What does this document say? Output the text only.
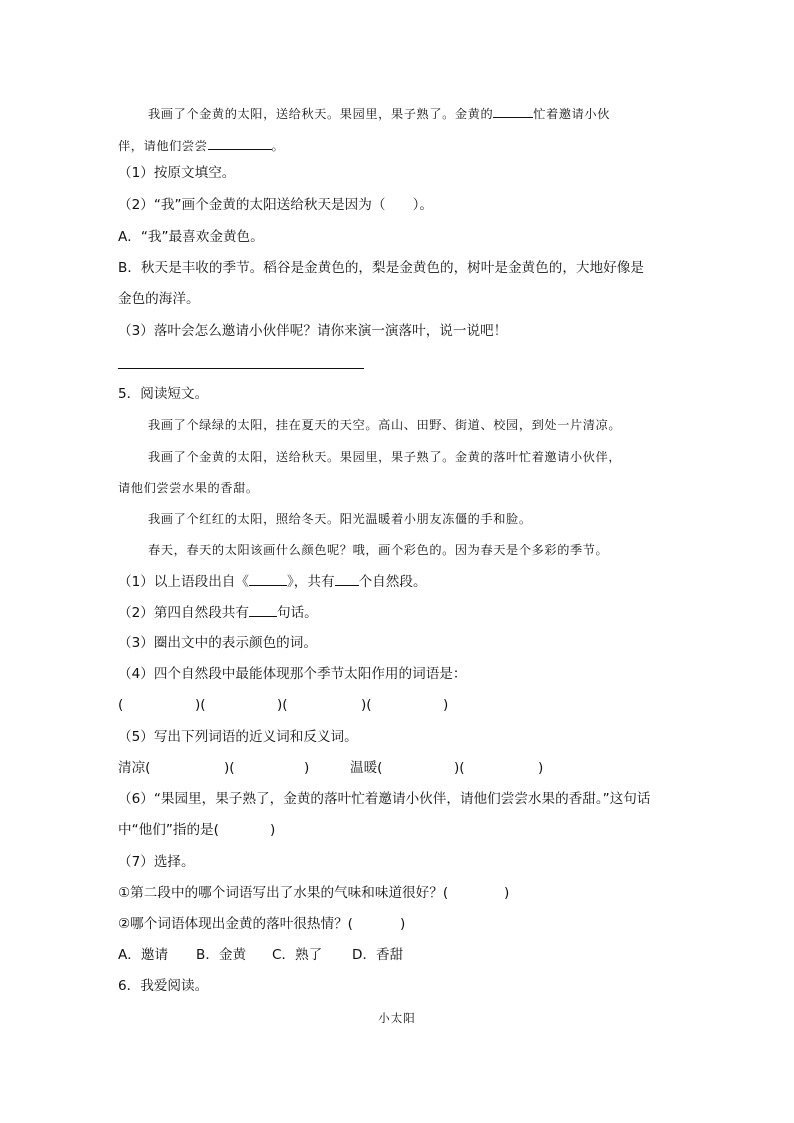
我画了个金黄的太阳，送给秋天。果园里，果子熟了。金黄的	忙着邀请小伙

伴，请他们尝尝	。

（1）按原文填空。

（2）“我”画个金黄的太阳送给秋天是因为（　　）。

A．“我”最喜欢金黄色。

B．秋天是丰收的季节。稻谷是金黄色的，梨是金黄色的，树叶是金黄色的，大地好像是

金色的海洋。

（3）落叶会怎么邀请小伙伴呢？请你来演一演落叶，说一说吧！

5．阅读短文。

我画了个绿绿的太阳，挂在夏天的天空。高山、田野、街道、校园，到处一片清凉。

我画了个金黄的太阳，送给秋天。果园里，果子熟了。金黄的落叶忙着邀请小伙伴，

请他们尝尝水果的香甜。

我画了个红红的太阳，照给冬天。阳光温暖着小朋友冻僵的手和脸。

春天，春天的太阳该画什么颜色呢？哦，画个彩色的。因为春天是个多彩的季节。

（1）以上语段出自《	》，共有 个自然段。

（2）第四自然段共有 句话。

（3）圈出文中的表示颜色的词。

（4）四个自然段中最能体现那个季节太阳作用的词语是：

(	)(	)(	)(	)

（5）写出下列词语的近义词和反义词。

清凉(	)(	)	温暖(	)(	)

（6）“果园里，果子熟了，金黄的落叶忙着邀请小伙伴，请他们尝尝水果的香甜。”这句话

中“他们”指的是(	)

（7）选择。

①第二段中的哪个词语写出了水果的气味和味道很好？(	)
②哪个词语体现出金黄的落叶很热情？(	)
A．邀请 B．金黄 C．熟了 D．香甜

6．我爱阅读。

小太阳
